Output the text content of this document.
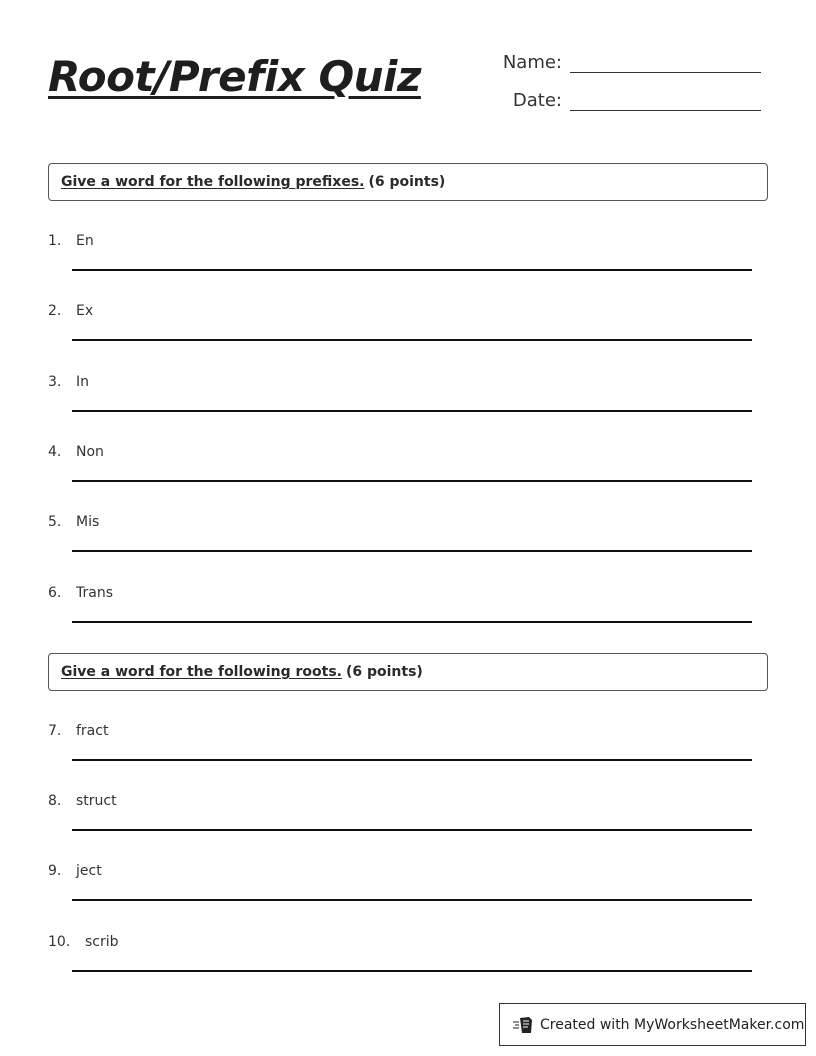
Root/Prefix Quiz	Name:
Date:
Give a word for the following prefixes. (6 points)
1. En
2. Ex
3. In
4. Non
5. Mis
6. Trans
Give a word for the following roots. (6 points)
7. fract
8. struct
9. ject
10. scrib
Created with MyWorksheetMaker.com
